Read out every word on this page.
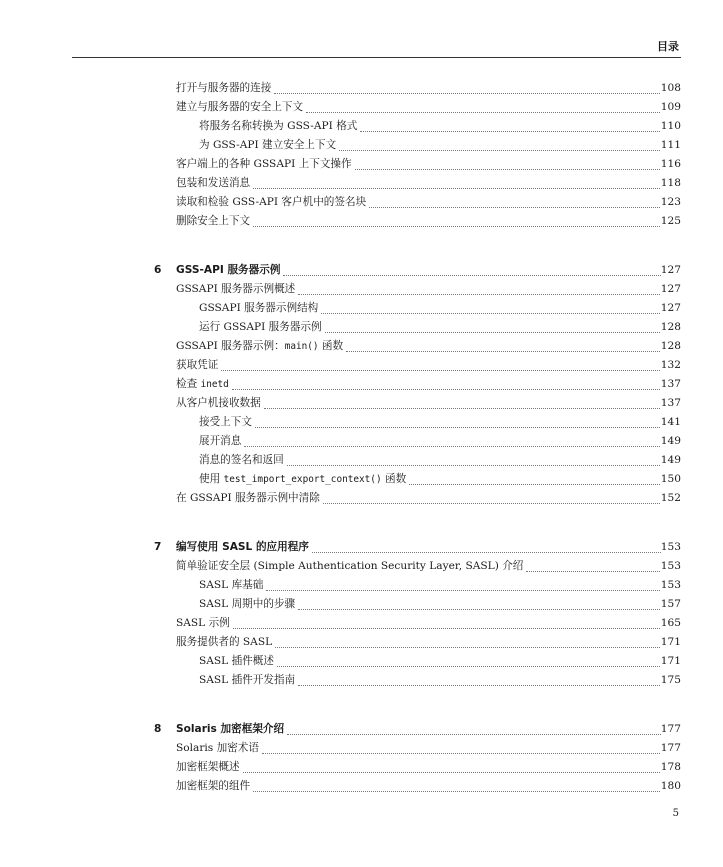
目录
打开与服务器的连接	108
建立与服务器的安全上下文	109
将服务名称转换为 GSS-API 格式	110
为 GSS-API 建立安全上下文	111
客户端上的各种 GSSAPI 上下文操作	116
包装和发送消息	118
读取和检验 GSS-API 客户机中的签名块	123
删除安全上下文	125
6 GSS-API 服务器示例	127
GSSAPI 服务器示例概述	127
GSSAPI 服务器示例结构	127
运行 GSSAPI 服务器示例	128
GSSAPI 服务器示例：main() 函数	128
获取凭证	132
检查 inetd	137
从客户机接收数据	137
接受上下文	141
展开消息	149
消息的签名和返回	149
使用 test_import_export_context() 函数	150
在 GSSAPI 服务器示例中清除	152
7 编写使用 SASL 的应用程序	153
简单验证安全层 (Simple Authentication Security Layer, SASL) 介绍	153
SASL 库基础	153
SASL 周期中的步骤	157
SASL 示例	165
服务提供者的 SASL	171
SASL 插件概述	171
SASL 插件开发指南	175
8 Solaris 加密框架介绍	177
Solaris 加密术语	177
加密框架概述	178
加密框架的组件	180
5
